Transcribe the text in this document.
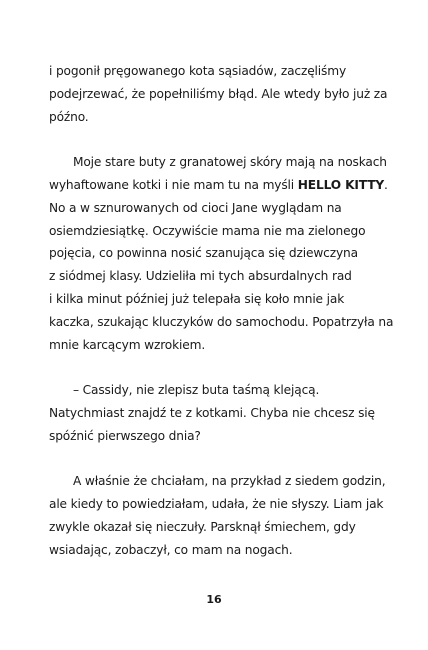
i pogonił pręgowanego kota sąsiadów, zaczęliśmy
podejrzewać, że popełniliśmy błąd. Ale wtedy było już za
późno.
Moje stare buty z granatowej skóry mają na noskach
wyhaftowane kotki i nie mam tu na myśli HELLO KITTY.
No a w sznurowanych od cioci Jane wyglądam na
osiemdziesiątkę. Oczywiście mama nie ma zielonego
pojęcia, co powinna nosić szanująca się dziewczyna
z siódmej klasy. Udzieliła mi tych absurdalnych rad
i kilka minut później już telepała się koło mnie jak
kaczka, szukając kluczyków do samochodu. Popatrzyła na
mnie karcącym wzrokiem.
– Cassidy, nie zlepisz buta taśmą klejącą.
Natychmiast znajdź te z kotkami. Chyba nie chcesz się
spóźnić pierwszego dnia?
A właśnie że chciałam, na przykład z siedem godzin,
ale kiedy to powiedziałam, udała, że nie słyszy. Liam jak
zwykle okazał się nieczuły. Parsknął śmiechem, gdy
wsiadając, zobaczył, co mam na nogach.
16
